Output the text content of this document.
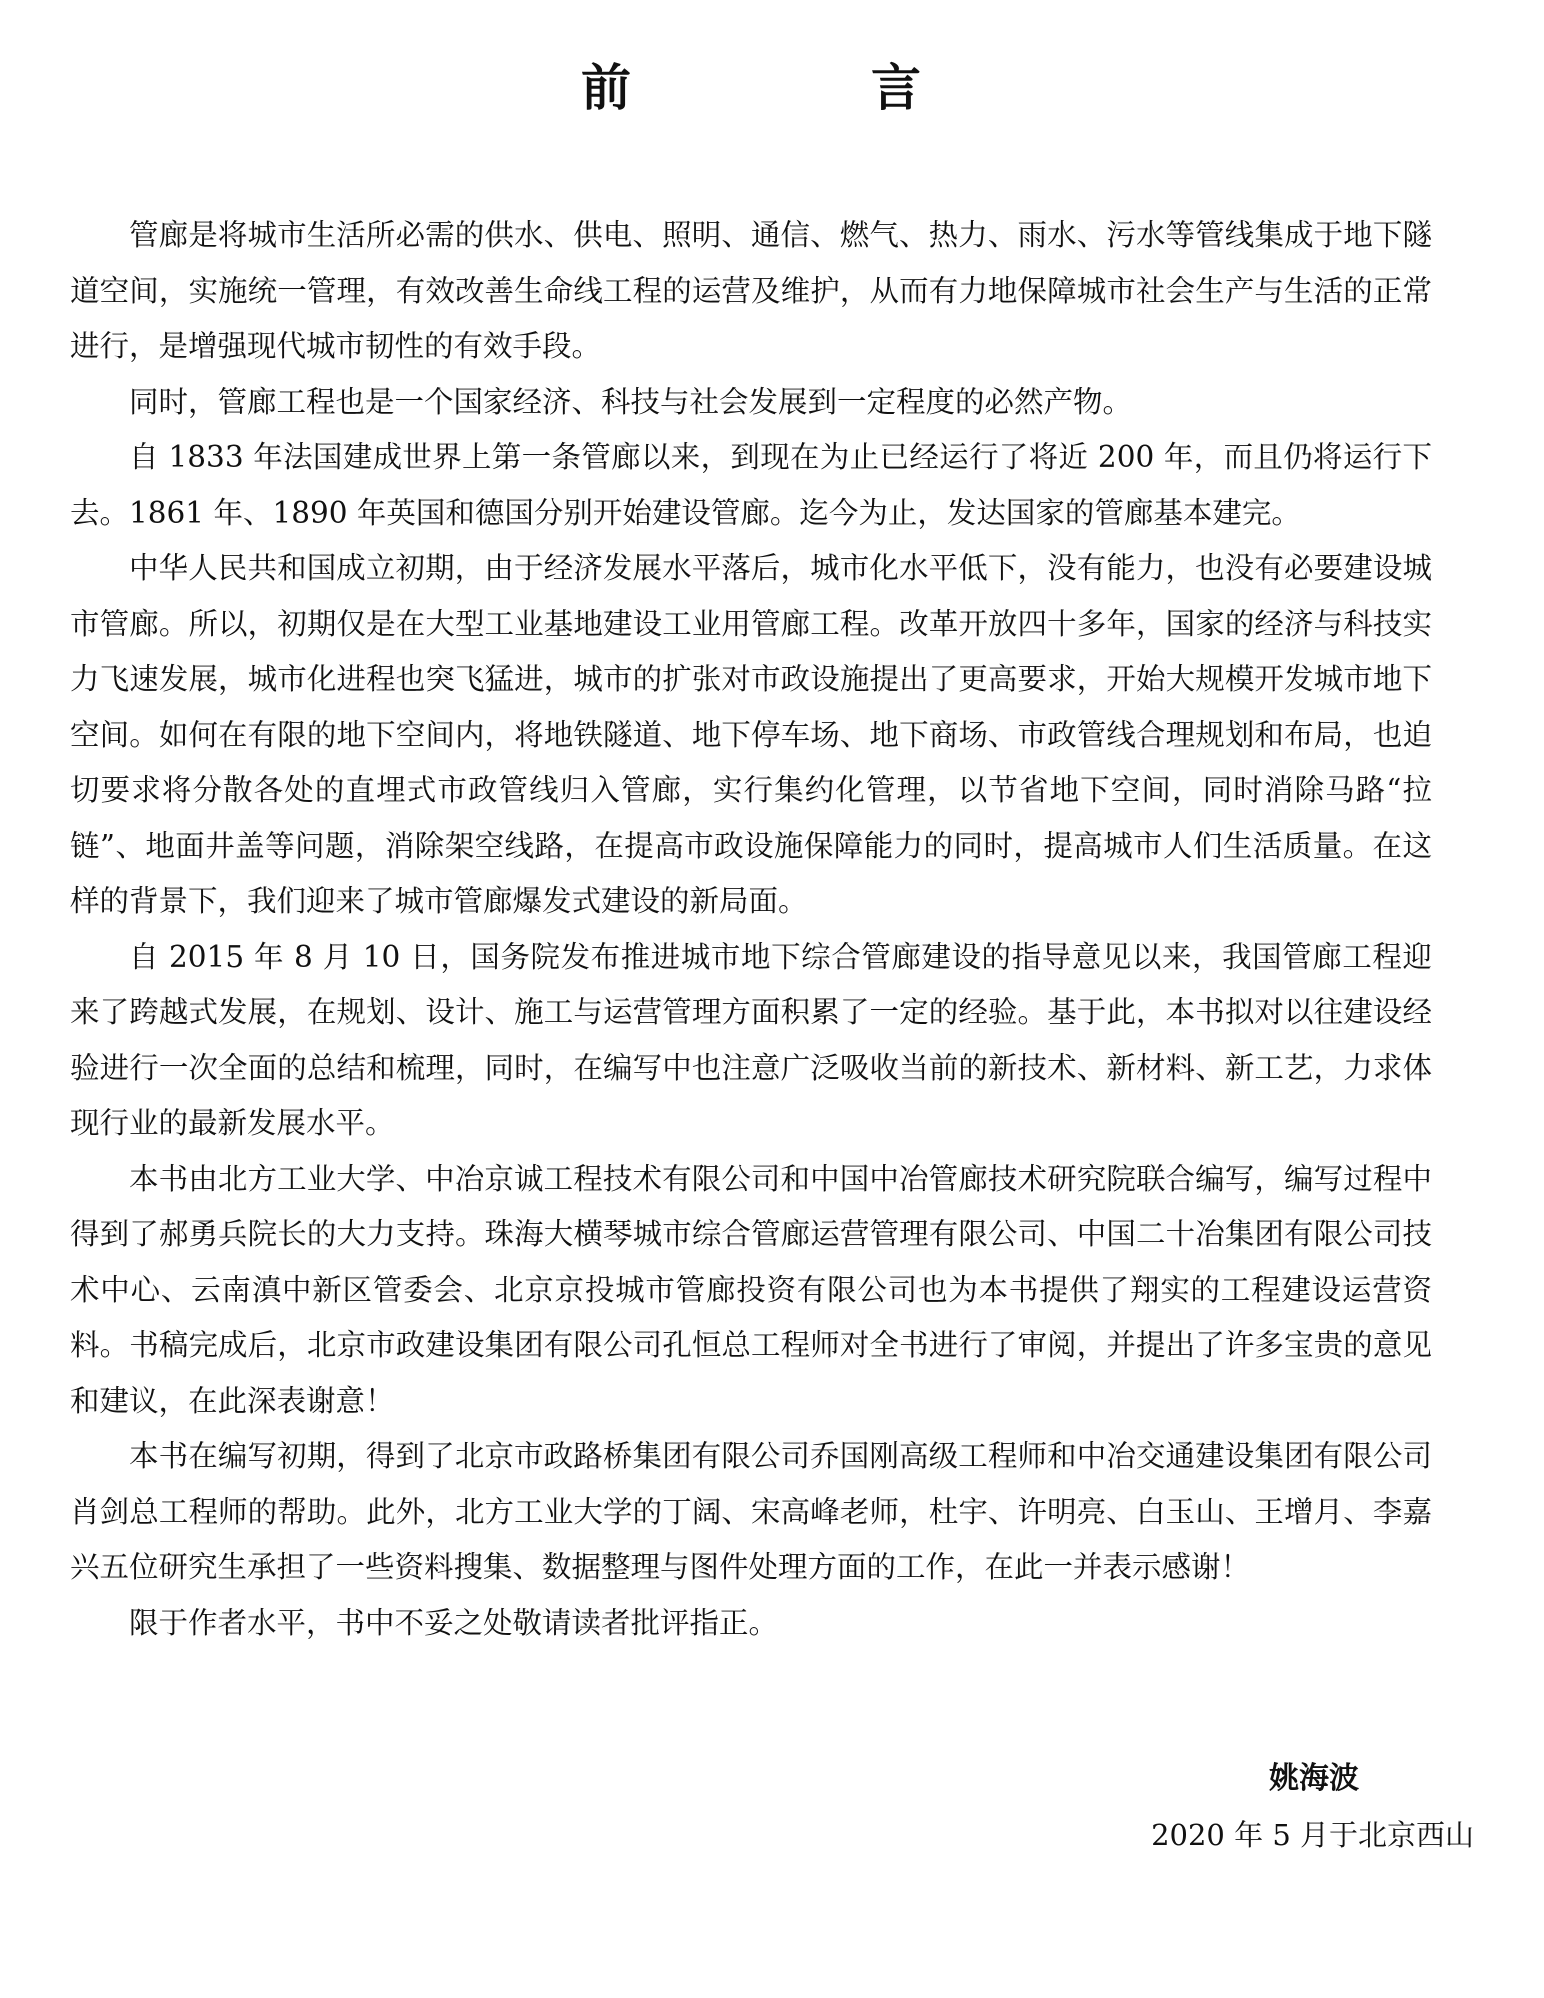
前　言

管廊是将城市生活所必需的供水、供电、照明、通信、燃气、热力、雨水、污水等管线集成于地下隧道空间，实施统一管理，有效改善生命线工程的运营及维护，从而有力地保障城市社会生产与生活的正常进行，是增强现代城市韧性的有效手段。

同时，管廊工程也是一个国家经济、科技与社会发展到一定程度的必然产物。

自 1833 年法国建成世界上第一条管廊以来，到现在为止已经运行了将近 200 年，而且仍将运行下去。1861 年、1890 年英国和德国分别开始建设管廊。迄今为止，发达国家的管廊基本建完。

中华人民共和国成立初期，由于经济发展水平落后，城市化水平低下，没有能力，也没有必要建设城市管廊。所以，初期仅是在大型工业基地建设工业用管廊工程。改革开放四十多年，国家的经济与科技实力飞速发展，城市化进程也突飞猛进，城市的扩张对市政设施提出了更高要求，开始大规模开发城市地下空间。如何在有限的地下空间内，将地铁隧道、地下停车场、地下商场、市政管线合理规划和布局，也迫切要求将分散各处的直埋式市政管线归入管廊，实行集约化管理，以节省地下空间，同时消除马路“拉链”、地面井盖等问题，消除架空线路，在提高市政设施保障能力的同时，提高城市人们生活质量。在这样的背景下，我们迎来了城市管廊爆发式建设的新局面。

自 2015 年 8 月 10 日，国务院发布推进城市地下综合管廊建设的指导意见以来，我国管廊工程迎来了跨越式发展，在规划、设计、施工与运营管理方面积累了一定的经验。基于此，本书拟对以往建设经验进行一次全面的总结和梳理，同时，在编写中也注意广泛吸收当前的新技术、新材料、新工艺，力求体现行业的最新发展水平。

本书由北方工业大学、中冶京诚工程技术有限公司和中国中冶管廊技术研究院联合编写，编写过程中得到了郝勇兵院长的大力支持。珠海大横琴城市综合管廊运营管理有限公司、中国二十冶集团有限公司技术中心、云南滇中新区管委会、北京京投城市管廊投资有限公司也为本书提供了翔实的工程建设运营资料。书稿完成后，北京市政建设集团有限公司孔恒总工程师对全书进行了审阅，并提出了许多宝贵的意见和建议，在此深表谢意！

本书在编写初期，得到了北京市政路桥集团有限公司乔国刚高级工程师和中冶交通建设集团有限公司肖剑总工程师的帮助。此外，北方工业大学的丁阔、宋高峰老师，杜宇、许明亮、白玉山、王增月、李嘉兴五位研究生承担了一些资料搜集、数据整理与图件处理方面的工作，在此一并表示感谢！

限于作者水平，书中不妥之处敬请读者批评指正。

姚海波
2020 年 5 月于北京西山
